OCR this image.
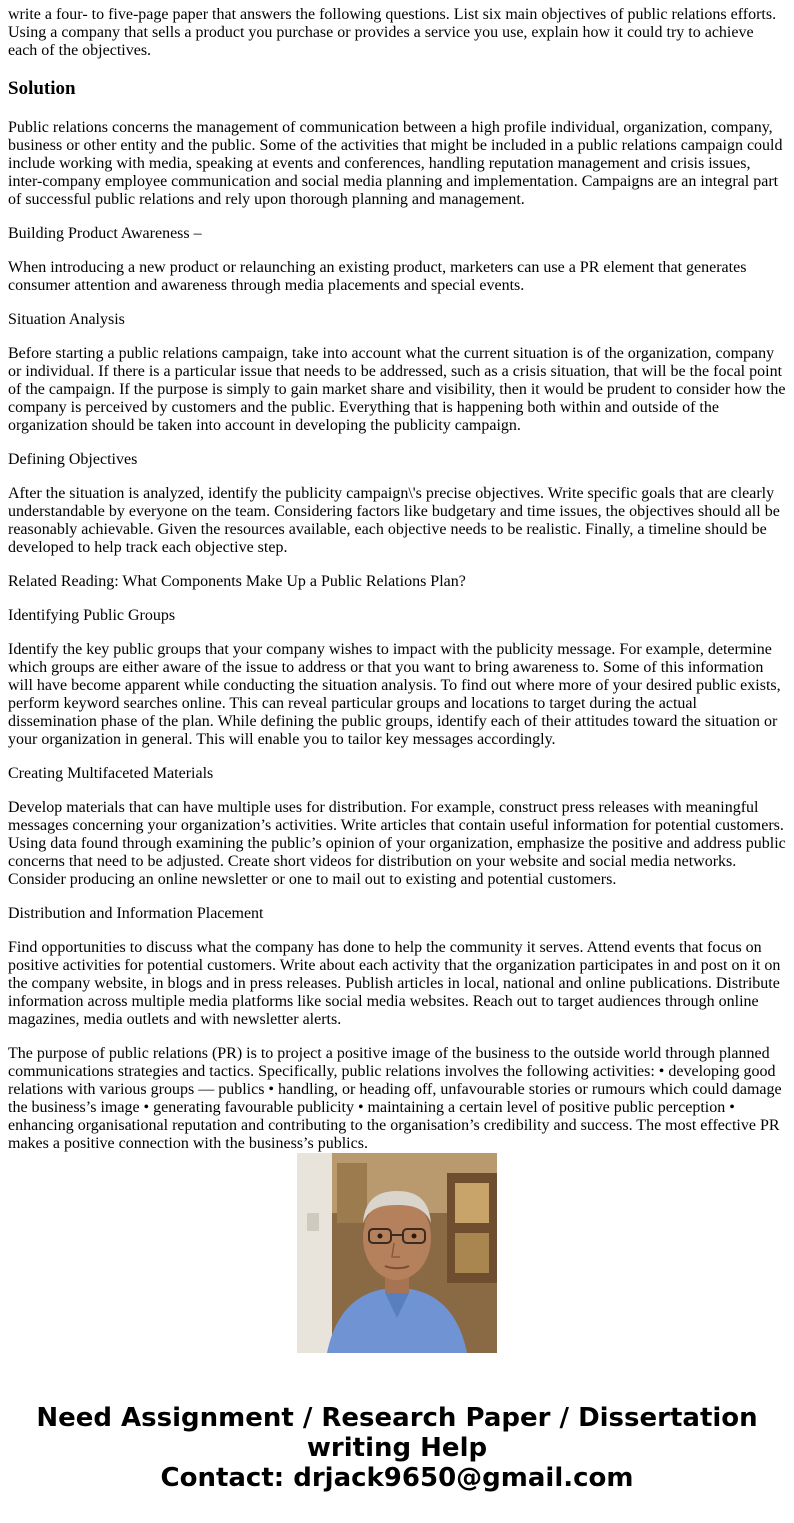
write a four- to five-page paper that answers the following questions. List six main objectives of public relations efforts. Using a company that sells a product you purchase or provides a service you use, explain how it could try to achieve each of the objectives.

Solution

Public relations concerns the management of communication between a high profile individual, organization, company, business or other entity and the public. Some of the activities that might be included in a public relations campaign could include working with media, speaking at events and conferences, handling reputation management and crisis issues, inter-company employee communication and social media planning and implementation. Campaigns are an integral part of successful public relations and rely upon thorough planning and management.

Building Product Awareness –

When introducing a new product or relaunching an existing product, marketers can use a PR element that generates consumer attention and awareness through media placements and special events.

Situation Analysis

Before starting a public relations campaign, take into account what the current situation is of the organization, company or individual. If there is a particular issue that needs to be addressed, such as a crisis situation, that will be the focal point of the campaign. If the purpose is simply to gain market share and visibility, then it would be prudent to consider how the company is perceived by customers and the public. Everything that is happening both within and outside of the organization should be taken into account in developing the publicity campaign.

Defining Objectives

After the situation is analyzed, identify the publicity campaign\'s precise objectives. Write specific goals that are clearly understandable by everyone on the team. Considering factors like budgetary and time issues, the objectives should all be reasonably achievable. Given the resources available, each objective needs to be realistic. Finally, a timeline should be developed to help track each objective step.

Related Reading: What Components Make Up a Public Relations Plan?

Identifying Public Groups

Identify the key public groups that your company wishes to impact with the publicity message. For example, determine which groups are either aware of the issue to address or that you want to bring awareness to. Some of this information will have become apparent while conducting the situation analysis. To find out where more of your desired public exists, perform keyword searches online. This can reveal particular groups and locations to target during the actual dissemination phase of the plan. While defining the public groups, identify each of their attitudes toward the situation or your organization in general. This will enable you to tailor key messages accordingly.

Creating Multifaceted Materials

Develop materials that can have multiple uses for distribution. For example, construct press releases with meaningful messages concerning your organization’s activities. Write articles that contain useful information for potential customers. Using data found through examining the public’s opinion of your organization, emphasize the positive and address public concerns that need to be adjusted. Create short videos for distribution on your website and social media networks. Consider producing an online newsletter or one to mail out to existing and potential customers.

Distribution and Information Placement

Find opportunities to discuss what the company has done to help the community it serves. Attend events that focus on positive activities for potential customers. Write about each activity that the organization participates in and post on it on the company website, in blogs and in press releases. Publish articles in local, national and online publications. Distribute information across multiple media platforms like social media websites. Reach out to target audiences through online magazines, media outlets and with newsletter alerts.

The purpose of public relations (PR) is to project a positive image of the business to the outside world through planned communications strategies and tactics. Specifically, public relations involves the following activities: • developing good relations with various groups — publics • handling, or heading off, unfavourable stories or rumours which could damage the business’s image • generating favourable publicity • maintaining a certain level of positive public perception • enhancing organisational reputation and contributing to the organisation’s credibility and success. The most effective PR makes a positive connection with the business’s publics.

Need Assignment / Research Paper / Dissertation
writing Help
Contact: drjack9650@gmail.com
